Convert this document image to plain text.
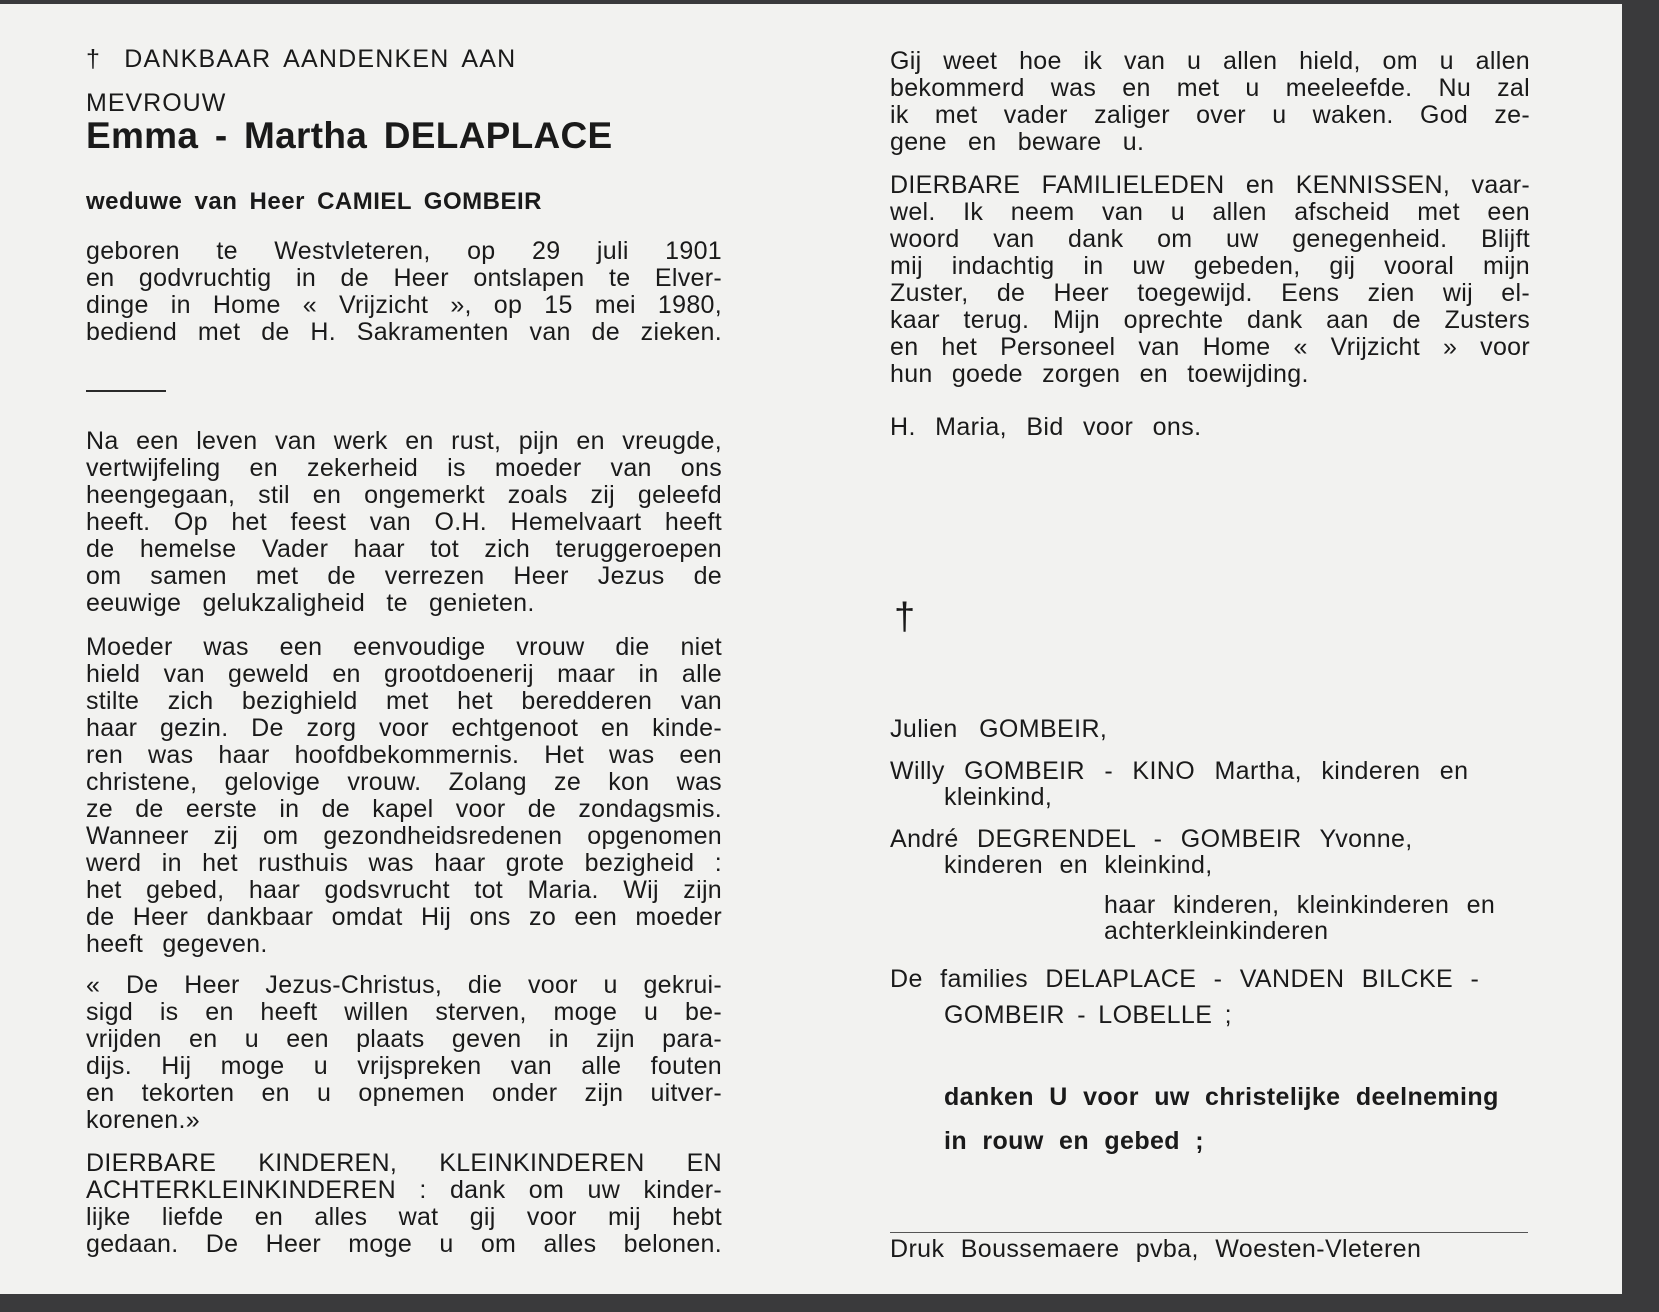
† DANKBAAR AANDENKEN AAN
MEVROUW
Emma - Martha DELAPLACE
weduwe van Heer CAMIEL GOMBEIR

geboren te Westvleteren, op 29 juli 1901

en godvruchtig in de Heer ontslapen te Elver-

dinge in Home « Vrijzicht », op 15 mei 1980,

bediend met de H. Sakramenten van de zieken.

Na een leven van werk en rust, pijn en vreugde,

vertwijfeling en zekerheid is moeder van ons

heengegaan, stil en ongemerkt zoals zij geleefd

heeft. Op het feest van O.H. Hemelvaart heeft

de hemelse Vader haar tot zich teruggeroepen

om samen met de verrezen Heer Jezus de

eeuwige gelukzaligheid te genieten.

Moeder was een eenvoudige vrouw die niet

hield van geweld en grootdoenerij maar in alle

stilte zich bezighield met het beredderen van

haar gezin. De zorg voor echtgenoot en kinde-

ren was haar hoofdbekommernis. Het was een

christene, gelovige vrouw. Zolang ze kon was

ze de eerste in de kapel voor de zondagsmis.

Wanneer zij om gezondheidsredenen opgenomen

werd in het rusthuis was haar grote bezigheid :

het gebed, haar godsvrucht tot Maria. Wij zijn

de Heer dankbaar omdat Hij ons zo een moeder

heeft gegeven.

« De Heer Jezus-Christus, die voor u gekrui-

sigd is en heeft willen sterven, moge u be-

vrijden en u een plaats geven in zijn para-

dijs. Hij moge u vrijspreken van alle fouten

en tekorten en u opnemen onder zijn uitver-

korenen.»

DIERBARE KINDEREN, KLEINKINDEREN EN

ACHTERKLEINKINDEREN : dank om uw kinder-

lijke liefde en alles wat gij voor mij hebt

gedaan. De Heer moge u om alles belonen.

Gij weet hoe ik van u allen hield, om u allen

bekommerd was en met u meeleefde. Nu zal

ik met vader zaliger over u waken. God ze-

gene en beware u.

DIERBARE FAMILIELEDEN en KENNISSEN, vaar-

wel. Ik neem van u allen afscheid met een

woord van dank om uw genegenheid. Blijft

mij indachtig in uw gebeden, gij vooral mijn

Zuster, de Heer toegewijd. Eens zien wij el-

kaar terug. Mijn oprechte dank aan de Zusters

en het Personeel van Home « Vrijzicht » voor

hun goede zorgen en toewijding.

H. Maria, Bid voor ons.
†
Julien GOMBEIR,
Willy GOMBEIR - KINO Martha, kinderen en
kleinkind,
André DEGRENDEL - GOMBEIR Yvonne,
kinderen en kleinkind,
haar kinderen, kleinkinderen en
achterkleinkinderen
De families DELAPLACE - VANDEN BILCKE -
GOMBEIR - LOBELLE ;
danken U voor uw christelijke deelneming
in rouw en gebed ;
Druk Boussemaere pvba, Woesten-Vleteren
